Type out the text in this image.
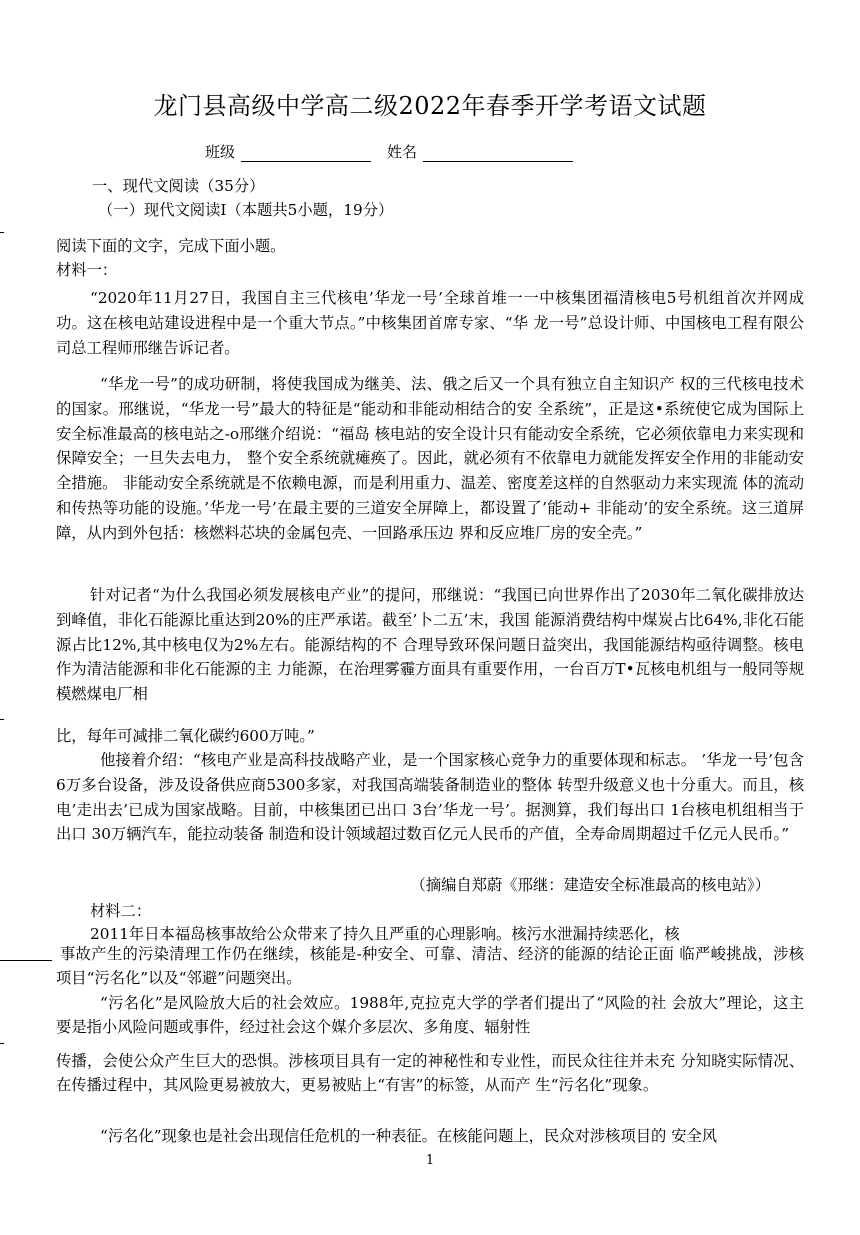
龙门县高级中学高二级2022年春季开学考语文试题
班级	姓名
一、现代文阅读（35分）
（一）现代文阅读I（本题共5小题，19分）
阅读下面的文字，完成下面小题。
材料一：

“2020年11月27日，我国自主三代核电’华龙一号’全球首堆一一中核集团福清核电5号机组首次并网成功。这在核电站建设进程中是一个重大节点。”中核集团首席专家、“华 龙一号”总设计师、中国核电工程有限公司总工程师邢继告诉记者。

“华龙一号”的成功研制，将使我国成为继美、法、俄之后又一个具有独立自主知识产 权的三代核电技术的国家。邢继说，“华龙一号”最大的特征是“能动和非能动相结合的安 全系统”，正是这•系统使它成为国际上安全标准最高的核电站之-o邢继介绍说：“福岛 核电站的安全设计只有能动安全系统，它必须依靠电力来实现和保障安全；一旦失去电力， 整个安全系统就瘫痪了。因此，就必须有不依靠电力就能发挥安全作用的非能动安全措施。 非能动安全系统就是不依赖电源，而是利用重力、温差、密度差这样的自然驱动力来实现流 体的流动和传热等功能的设施。’华龙一号’在最主要的三道安全屏障上，都设置了’能动+ 非能动’的安全系统。这三道屏障，从内到外包括：核燃料芯块的金属包壳、一回路承压边 界和反应堆厂房的安全壳。”

针对记者“为什么我国必须发展核电产业”的提问，邢继说：“我国已向世界作出了2030年二氧化碳排放达到峰值，非化石能源比重达到20%的庄严承诺。截至’卜二五’末，我国 能源消费结构中煤炭占比64%,非化石能源占比12%,其中核电仅为2%左右。能源结构的不 合理导致环保问题日益突出，我国能源结构亟待调整。核电作为清洁能源和非化石能源的主 力能源，在治理雾霾方面具有重要作用，一台百万T•瓦核电机组与一般同等规模燃煤电厂相

比，每年可减排二氧化碳约600万吨。”

他接着介绍：“核电产业是高科技战略产业，是一个国家核心竞争力的重要体现和标志。 ’华龙一号’包含6万多台设备，涉及设备供应商5300多家，对我国高端装备制造业的整体 转型升级意义也十分重大。而且，核电’走出去’已成为国家战略。目前，中核集团已出口 3台’华龙一号’。据测算，我们每出口 1台核电机组相当于出口 30万辆汽车，能拉动装备 制造和设计领域超过数百亿元人民币的产值，全寿命周期超过千亿元人民币。”

（摘编自郑蔚《邢继：建造安全标准最高的核电站》）
材料二：
2011年日本福岛核事故给公众带来了持久且严重的心理影响。核污水泄漏持续恶化，核

事故产生的污染清理工作仍在继续，核能是-种安全、可靠、清洁、经济的能源的结论正面 临严峻挑战，涉核项目“污名化”以及“邻避”问题突出。

“污名化”是风险放大后的社会效应。1988年,克拉克大学的学者们提出了“风险的社 会放大”理论，这主要是指小风险问题或事件，经过社会这个媒介多层次、多角度、辐射性

传播，会使公众产生巨大的恐惧。涉核项目具有一定的神秘性和专业性，而民众往往并未充 分知晓实际情况、在传播过程中，其风险更易被放大，更易被贴上“有害”的标签，从而产 生“污名化”现象。

“污名化”现象也是社会出现信任危机的一种表征。在核能问题上，民众对涉核项目的 安全风

1
